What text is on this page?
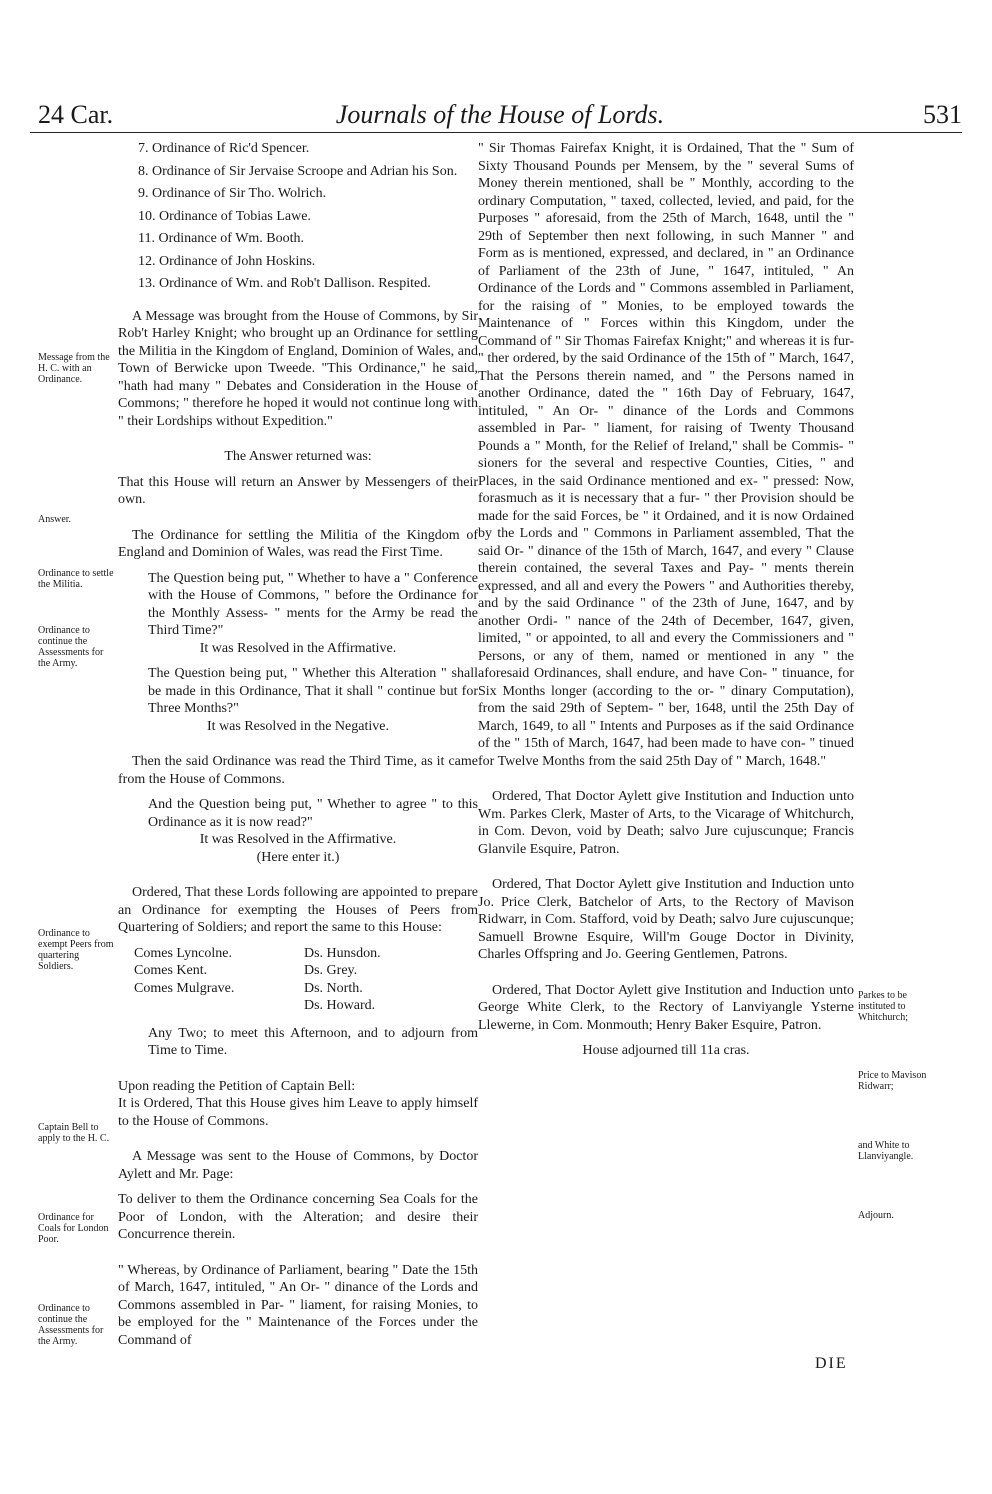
24 Car.	Journals of the House of Lords.	531
Message from the H. C. with an Ordinance.
Answer.
Ordinance to settle the Militia.
Ordinance to continue the Assessments for the Army.
Ordinance to exempt Peers from quartering Soldiers.
Captain Bell to apply to the H. C.
Ordinance for Coals for London Poor.
Ordinance to continue the Assessments for the Army.
7. Ordinance of Ric'd Spencer.
8. Ordinance of Sir Jervaise Scroope and Adrian his Son.
9. Ordinance of Sir Tho. Wolrich.
10. Ordinance of Tobias Lawe.
11. Ordinance of Wm. Booth.
12. Ordinance of John Hoskins.
13. Ordinance of Wm. and Rob't Dallison. Respited.

A Message was brought from the House of Commons, by Sir Rob't Harley Knight; who brought up an Ordinance for settling the Militia in the Kingdom of England, Dominion of Wales, and Town of Berwicke upon Tweede. "This Ordinance," he said, "hath had many " Debates and Consideration in the House of Commons; " therefore he hoped it would not continue long with " their Lordships without Expedition."

The Answer returned was:

That this House will return an Answer by Messengers of their own.

The Ordinance for settling the Militia of the Kingdom of England and Dominion of Wales, was read the First Time.

The Question being put, " Whether to have a " Conference with the House of Commons, " before the Ordinance for the Monthly Assess- " ments for the Army be read the Third Time?"

It was Resolved in the Affirmative.

The Question being put, " Whether this Alteration " shall be made in this Ordinance, That it shall " continue but for Three Months?"

It was Resolved in the Negative.

Then the said Ordinance was read the Third Time, as it came from the House of Commons.

And the Question being put, " Whether to agree " to this Ordinance as it is now read?"

It was Resolved in the Affirmative.

(Here enter it.)

Ordered, That these Lords following are appointed to prepare an Ordinance for exempting the Houses of Peers from Quartering of Soldiers; and report the same to this House:

Comes Lyncolne.
Comes Kent.
Comes Mulgrave.
Ds. Hunsdon.
Ds. Grey.
Ds. North.
Ds. Howard.

Any Two; to meet this Afternoon, and to adjourn from Time to Time.

Upon reading the Petition of Captain Bell:

It is Ordered, That this House gives him Leave to apply himself to the House of Commons.

A Message was sent to the House of Commons, by Doctor Aylett and Mr. Page:

To deliver to them the Ordinance concerning Sea Coals for the Poor of London, with the Alteration; and desire their Concurrence therein.

" Whereas, by Ordinance of Parliament, bearing " Date the 15th of March, 1647, intituled, " An Or- " dinance of the Lords and Commons assembled in Par- " liament, for raising Monies, to be employed for the " Maintenance of the Forces under the Command of

" Sir Thomas Fairefax Knight, it is Ordained, That the " Sum of Sixty Thousand Pounds per Mensem, by the " several Sums of Money therein mentioned, shall be " Monthly, according to the ordinary Computation, " taxed, collected, levied, and paid, for the Purposes " aforesaid, from the 25th of March, 1648, until the " 29th of September then next following, in such Manner " and Form as is mentioned, expressed, and declared, in " an Ordinance of Parliament of the 23th of June, " 1647, intituled, " An Ordinance of the Lords and " Commons assembled in Parliament, for the raising of " Monies, to be employed towards the Maintenance of " Forces within this Kingdom, under the Command of " Sir Thomas Fairefax Knight;" and whereas it is fur- " ther ordered, by the said Ordinance of the 15th of " March, 1647, That the Persons therein named, and " the Persons named in another Ordinance, dated the " 16th Day of February, 1647, intituled, " An Or- " dinance of the Lords and Commons assembled in Par- " liament, for raising of Twenty Thousand Pounds a " Month, for the Relief of Ireland," shall be Commis- " sioners for the several and respective Counties, Cities, " and Places, in the said Ordinance mentioned and ex- " pressed: Now, forasmuch as it is necessary that a fur- " ther Provision should be made for the said Forces, be " it Ordained, and it is now Ordained by the Lords and " Commons in Parliament assembled, That the said Or- " dinance of the 15th of March, 1647, and every " Clause therein contained, the several Taxes and Pay- " ments therein expressed, and all and every the Powers " and Authorities thereby, and by the said Ordinance " of the 23th of June, 1647, and by another Ordi- " nance of the 24th of December, 1647, given, limited, " or appointed, to all and every the Commissioners and " Persons, or any of them, named or mentioned in any " the aforesaid Ordinances, shall endure, and have Con- " tinuance, for Six Months longer (according to the or- " dinary Computation), from the said 29th of Septem- " ber, 1648, until the 25th Day of March, 1649, to all " Intents and Purposes as if the said Ordinance of the " 15th of March, 1647, had been made to have con- " tinued for Twelve Months from the said 25th Day of " March, 1648."

Ordered, That Doctor Aylett give Institution and Induction unto Wm. Parkes Clerk, Master of Arts, to the Vicarage of Whitchurch, in Com. Devon, void by Death; salvo Jure cujuscunque; Francis Glanvile Esquire, Patron.

Ordered, That Doctor Aylett give Institution and Induction unto Jo. Price Clerk, Batchelor of Arts, to the Rectory of Mavison Ridwarr, in Com. Stafford, void by Death; salvo Jure cujuscunque; Samuell Browne Esquire, Will'm Gouge Doctor in Divinity, Charles Offspring and Jo. Geering Gentlemen, Patrons.

Ordered, That Doctor Aylett give Institution and Induction unto George White Clerk, to the Rectory of Lanviyangle Ysterne Llewerne, in Com. Monmouth; Henry Baker Esquire, Patron.

House adjourned till 11a cras.

Parkes to be instituted to Whitchurch;
Price to Mavison Ridwarr;
and White to Llanviyangle.
Adjourn.
DIE
